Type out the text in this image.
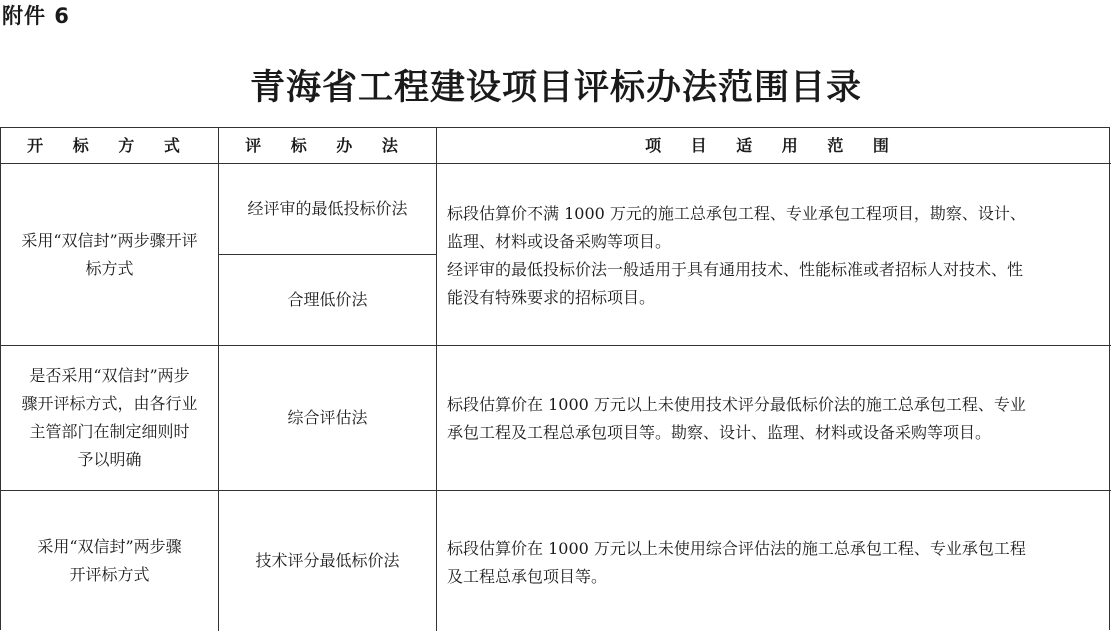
附件 6
青海省工程建设项目评标办法范围目录
开 标 方 式	评 标 办 法	项 目 适 用 范 围
采用“双信封”两步骤开评标方式
经评审的最低投标价法
合理低价法
标段估算价不满 1000 万元的施工总承包工程、专业承包工程项目，勘察、设计、
监理、材料或设备采购等项目。
经评审的最低投标价法一般适用于具有通用技术、性能标准或者招标人对技术、性
能没有特殊要求的招标项目。
是否采用“双信封”两步
骤开评标方式，由各行业
主管部门在制定细则时
予以明确
综合评估法
标段估算价在 1000 万元以上未使用技术评分最低标价法的施工总承包工程、专业
承包工程及工程总承包项目等。勘察、设计、监理、材料或设备采购等项目。
采用“双信封”两步骤
开评标方式
技术评分最低标价法
标段估算价在 1000 万元以上未使用综合评估法的施工总承包工程、专业承包工程
及工程总承包项目等。
